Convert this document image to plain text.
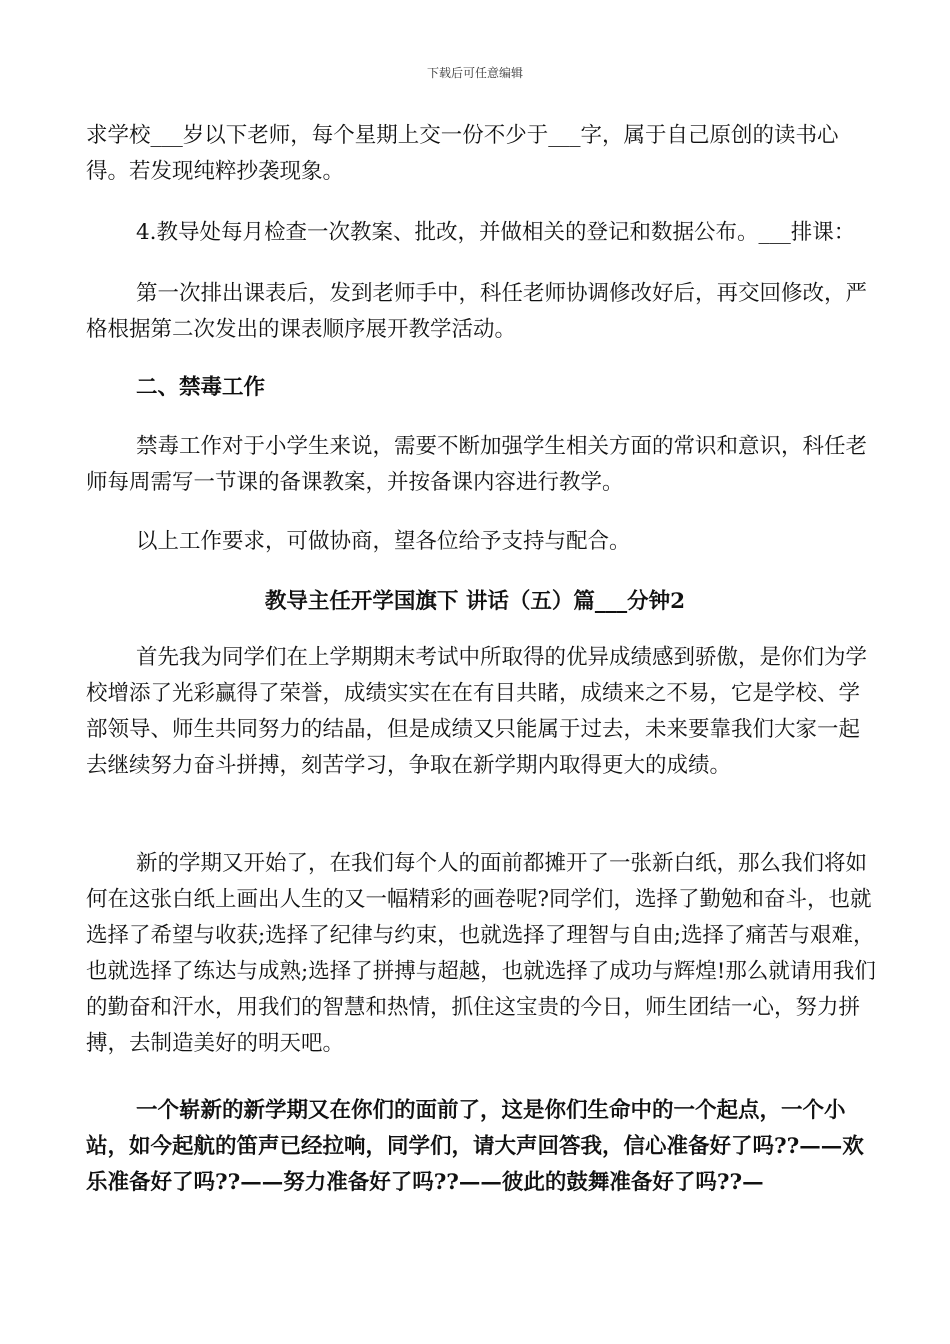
下载后可任意编辑

求学校___岁以下老师，每个星期上交一份不少于___字，属于自己原创的读书心得。若发现纯粹抄袭现象。

4.教导处每月检查一次教案、批改，并做相关的登记和数据公布。___排课：

第一次排出课表后，发到老师手中，科任老师协调修改好后，再交回修改，严格根据第二次发出的课表顺序展开教学活动。

二、禁毒工作

禁毒工作对于小学生来说，需要不断加强学生相关方面的常识和意识，科任老师每周需写一节课的备课教案，并按备课内容进行教学。

以上工作要求，可做协商，望各位给予支持与配合。

教导主任开学国旗下 讲话（五）篇___分钟2

首先我为同学们在上学期期末考试中所取得的优异成绩感到骄傲，是你们为学校增添了光彩赢得了荣誉，成绩实实在在有目共睹，成绩来之不易，它是学校、学部领导、师生共同努力的结晶，但是成绩又只能属于过去，未来要靠我们大家一起去继续努力奋斗拼搏，刻苦学习，争取在新学期内取得更大的成绩。

新的学期又开始了，在我们每个人的面前都摊开了一张新白纸，那么我们将如何在这张白纸上画出人生的又一幅精彩的画卷呢?同学们，选择了勤勉和奋斗，也就选择了希望与收获;选择了纪律与约束，也就选择了理智与自由;选择了痛苦与艰难，也就选择了练达与成熟;选择了拼搏与超越，也就选择了成功与辉煌!那么就请用我们的勤奋和汗水，用我们的智慧和热情，抓住这宝贵的今日，师生团结一心，努力拼搏，去制造美好的明天吧。

一个崭新的新学期又在你们的面前了，这是你们生命中的一个起点，一个小站，如今起航的笛声已经拉响，同学们，请大声回答我，信心准备好了吗??——欢乐准备好了吗??——努力准备好了吗??——彼此的鼓舞准备好了吗??—
